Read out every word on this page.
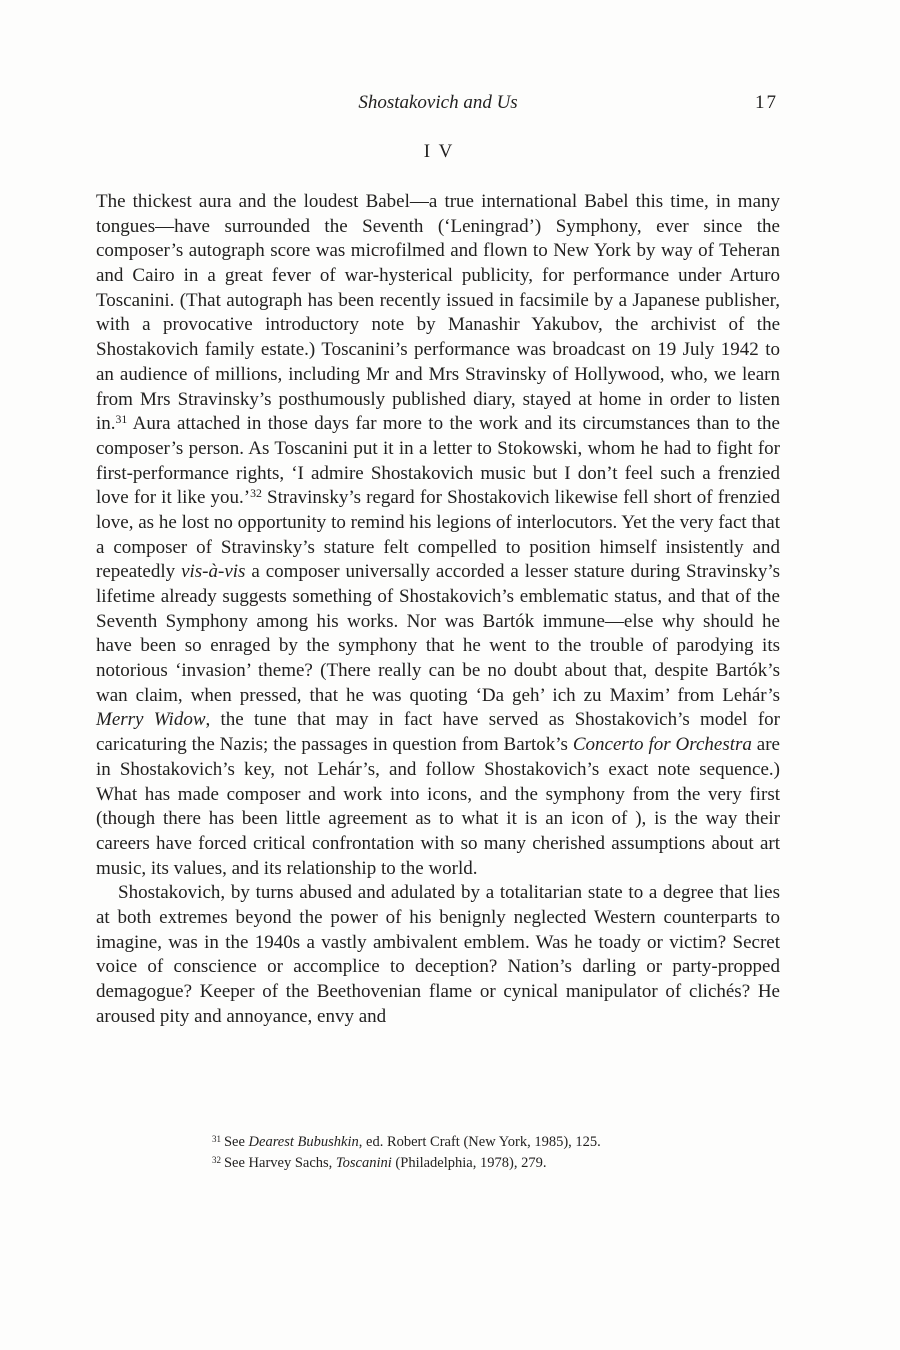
Shostakovich and Us	17
IV

The thickest aura and the loudest Babel—a true international Babel this time, in many tongues—have surrounded the Seventh (‘Leningrad’) Symphony, ever since the composer’s autograph score was microfilmed and flown to New York by way of Teheran and Cairo in a great fever of war-hysterical publicity, for performance under Arturo Toscanini. (That autograph has been recently issued in facsimile by a Japanese publisher, with a provocative introductory note by Manashir Yakubov, the archivist of the Shostakovich family estate.) Toscanini’s performance was broadcast on 19 July 1942 to an audience of millions, including Mr and Mrs Stravinsky of Hollywood, who, we learn from Mrs Stravinsky’s posthumously published diary, stayed at home in order to listen in.$^{31}$ Aura attached in those days far more to the work and its circumstances than to the composer’s person. As Toscanini put it in a letter to Stokowski, whom he had to fight for first-performance rights, ‘I admire Shostakovich music but I don’t feel such a frenzied love for it like you.’$^{32}$ Stravinsky’s regard for Shostakovich likewise fell short of frenzied love, as he lost no opportunity to remind his legions of interlocutors. Yet the very fact that a composer of Stravinsky’s stature felt compelled to position himself insistently and repeatedly vis-à-vis a composer universally accorded a lesser stature during Stravinsky’s lifetime already suggests something of Shostakovich’s emblematic status, and that of the Seventh Symphony among his works. Nor was Bartók immune—else why should he have been so enraged by the symphony that he went to the trouble of parodying its notorious ‘invasion’ theme? (There really can be no doubt about that, despite Bartók’s wan claim, when pressed, that he was quoting ‘Da geh’ ich zu Maxim’ from Lehár’s Merry Widow, the tune that may in fact have served as Shostakovich’s model for caricaturing the Nazis; the passages in question from Bartok’s Concerto for Orchestra are in Shostakovich’s key, not Lehár’s, and follow Shostakovich’s exact note sequence.) What has made composer and work into icons, and the symphony from the very first (though there has been little agreement as to what it is an icon of ), is the way their careers have forced critical confrontation with so many cherished assumptions about art music, its values, and its relationship to the world.

Shostakovich, by turns abused and adulated by a totalitarian state to a degree that lies at both extremes beyond the power of his benignly neglected Western counterparts to imagine, was in the 1940s a vastly ambivalent emblem. Was he toady or victim? Secret voice of conscience or accomplice to deception? Nation’s darling or party-propped demagogue? Keeper of the Beethovenian flame or cynical manipulator of clichés? He aroused pity and annoyance, envy and

$^{31}$ See Dearest Bubushkin, ed. Robert Craft (New York, 1985), 125.
$^{32}$ See Harvey Sachs, Toscanini (Philadelphia, 1978), 279.
